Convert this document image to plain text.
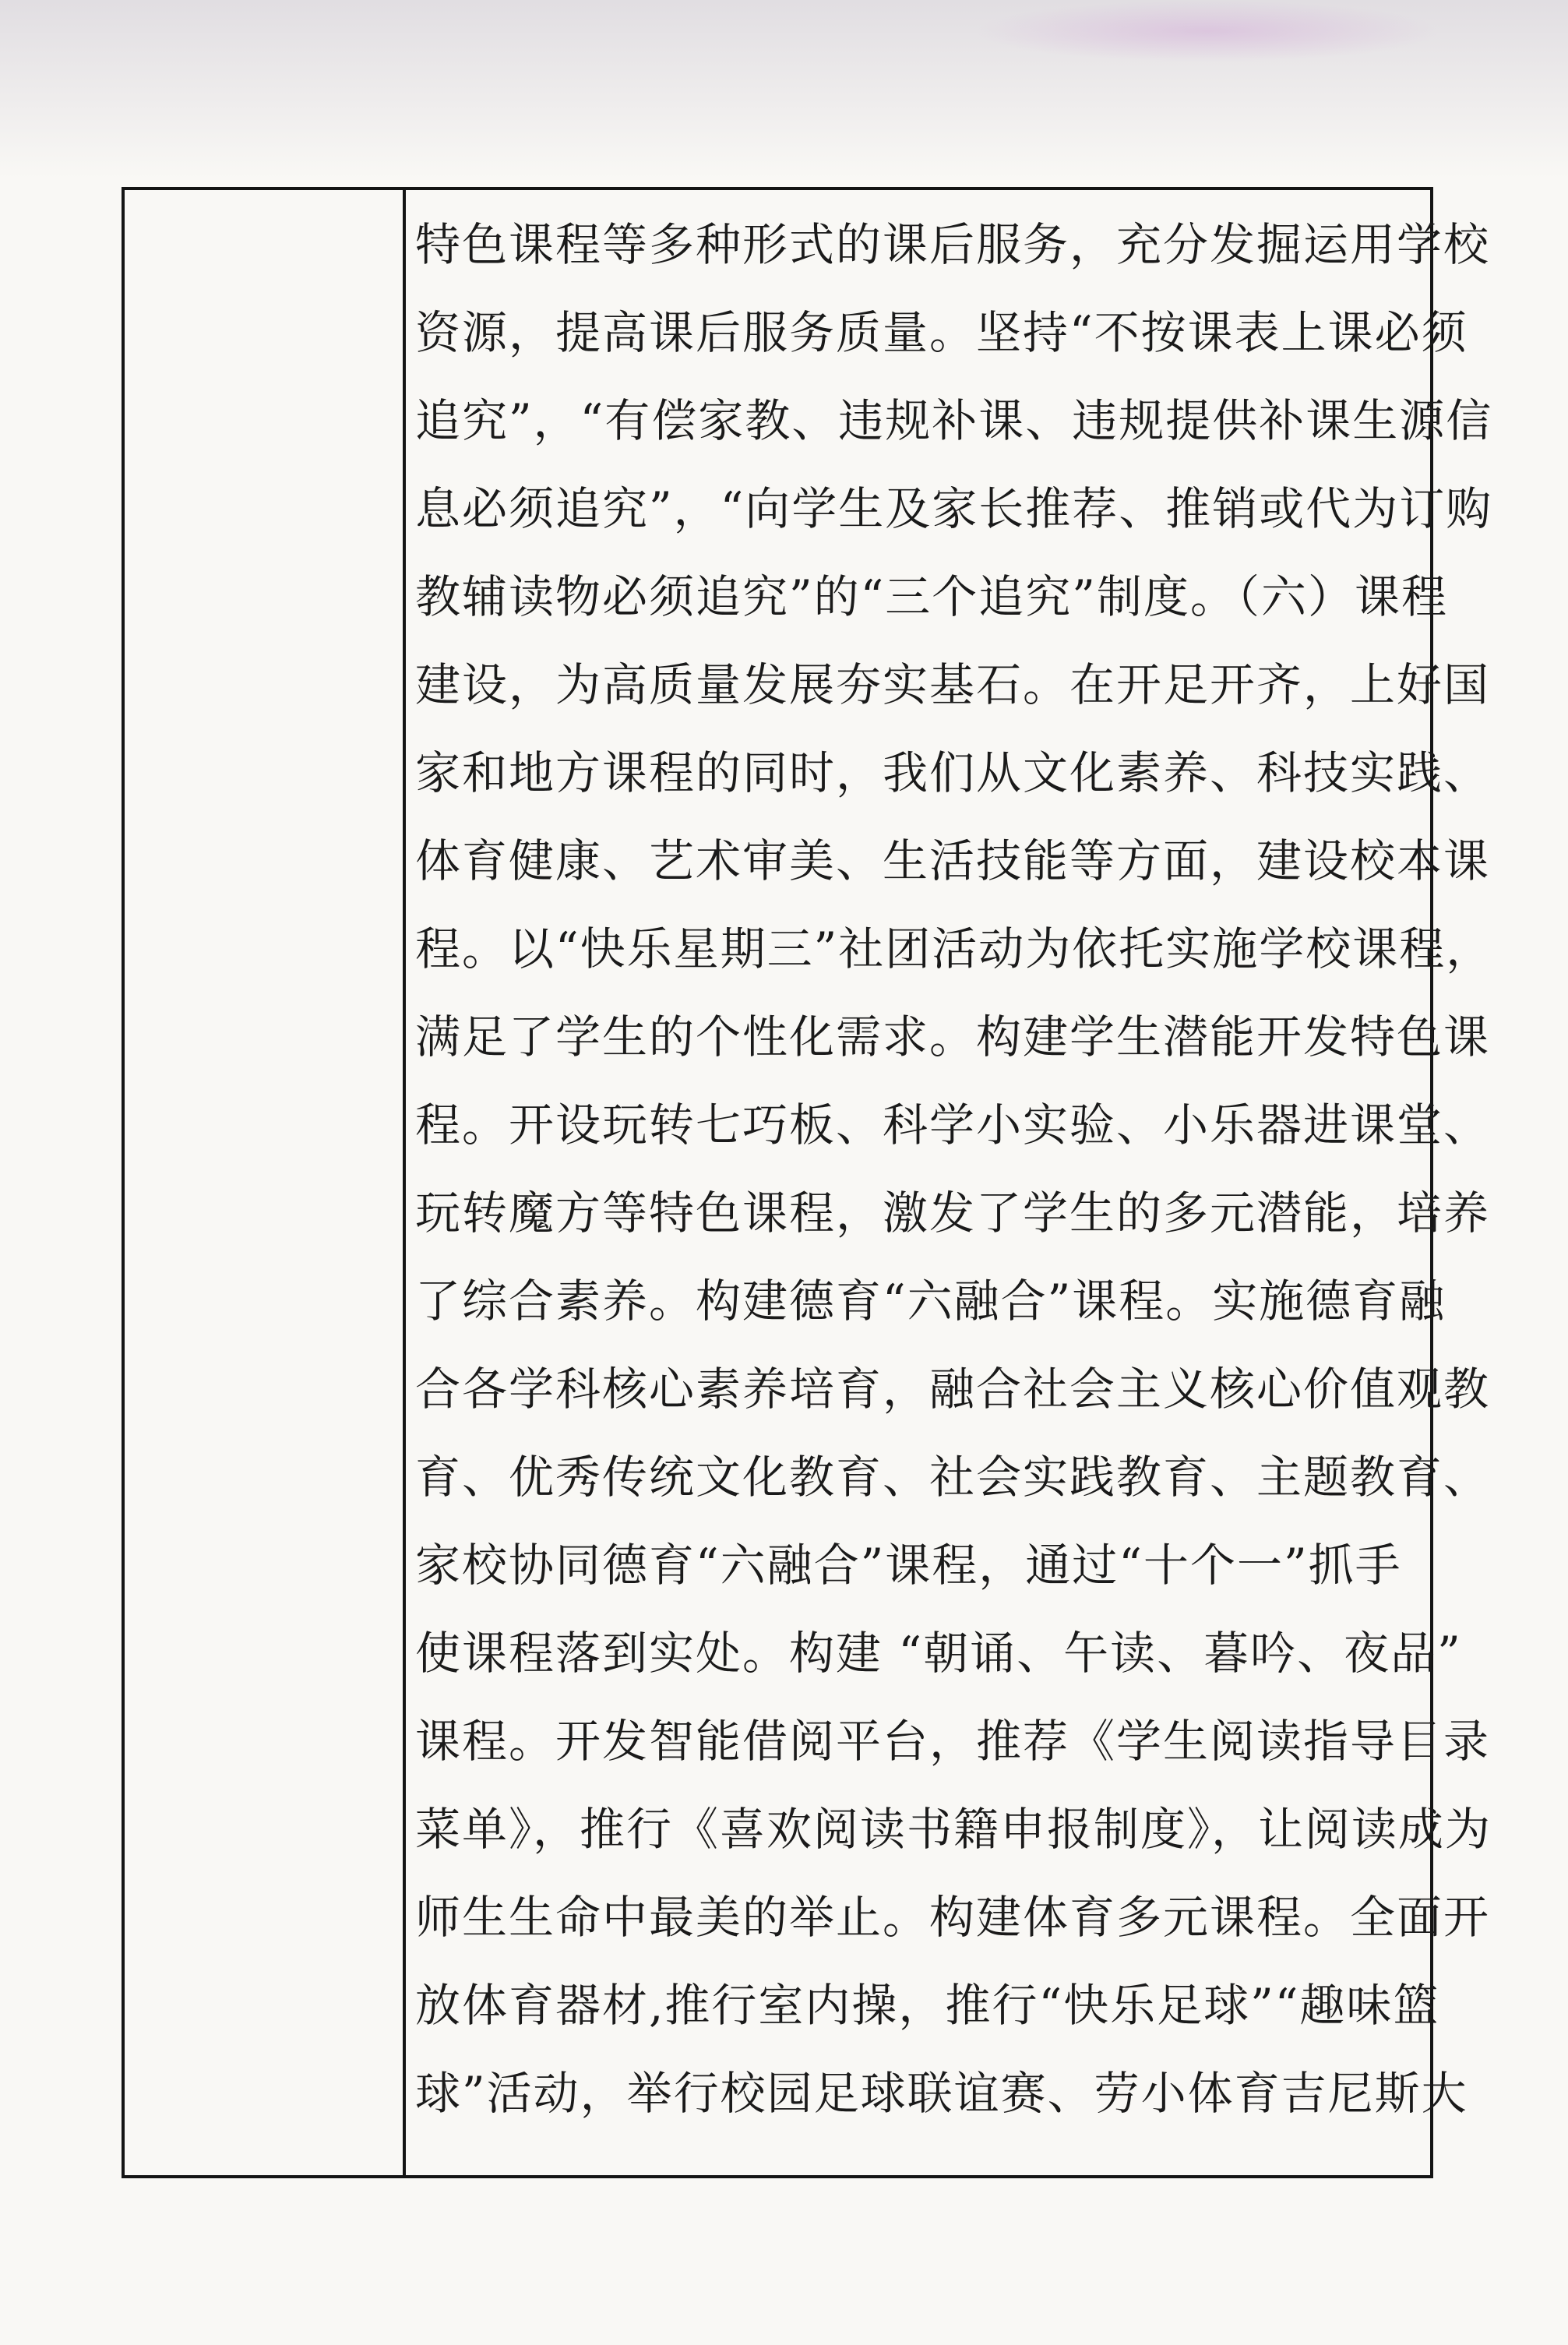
特色课程等多种形式的课后服务，充分发掘运用学校
资源，提高课后服务质量。坚持“不按课表上课必须
追究”，“有偿家教、违规补课、违规提供补课生源信
息必须追究”，“向学生及家长推荐、推销或代为订购
教辅读物必须追究”的“三个追究”制度。（六）课程
建设，为高质量发展夯实基石。在开足开齐，上好国
家和地方课程的同时，我们从文化素养、科技实践、
体育健康、艺术审美、生活技能等方面，建设校本课
程。以“快乐星期三”社团活动为依托实施学校课程，
满足了学生的个性化需求。构建学生潜能开发特色课
程。开设玩转七巧板、科学小实验、小乐器进课堂、
玩转魔方等特色课程，激发了学生的多元潜能，培养
了综合素养。构建德育“六融合”课程。实施德育融
合各学科核心素养培育，融合社会主义核心价值观教
育、优秀传统文化教育、社会实践教育、主题教育、
家校协同德育“六融合”课程，通过“十个一”抓手
使课程落到实处。构建 “朝诵、午读、暮吟、夜品”
课程。开发智能借阅平台，推荐《学生阅读指导目录
菜单》，推行《喜欢阅读书籍申报制度》，让阅读成为
师生生命中最美的举止。构建体育多元课程。全面开
放体育器材,推行室内操，推行“快乐足球”“趣味篮
球”活动，举行校园足球联谊赛、劳小体育吉尼斯大
